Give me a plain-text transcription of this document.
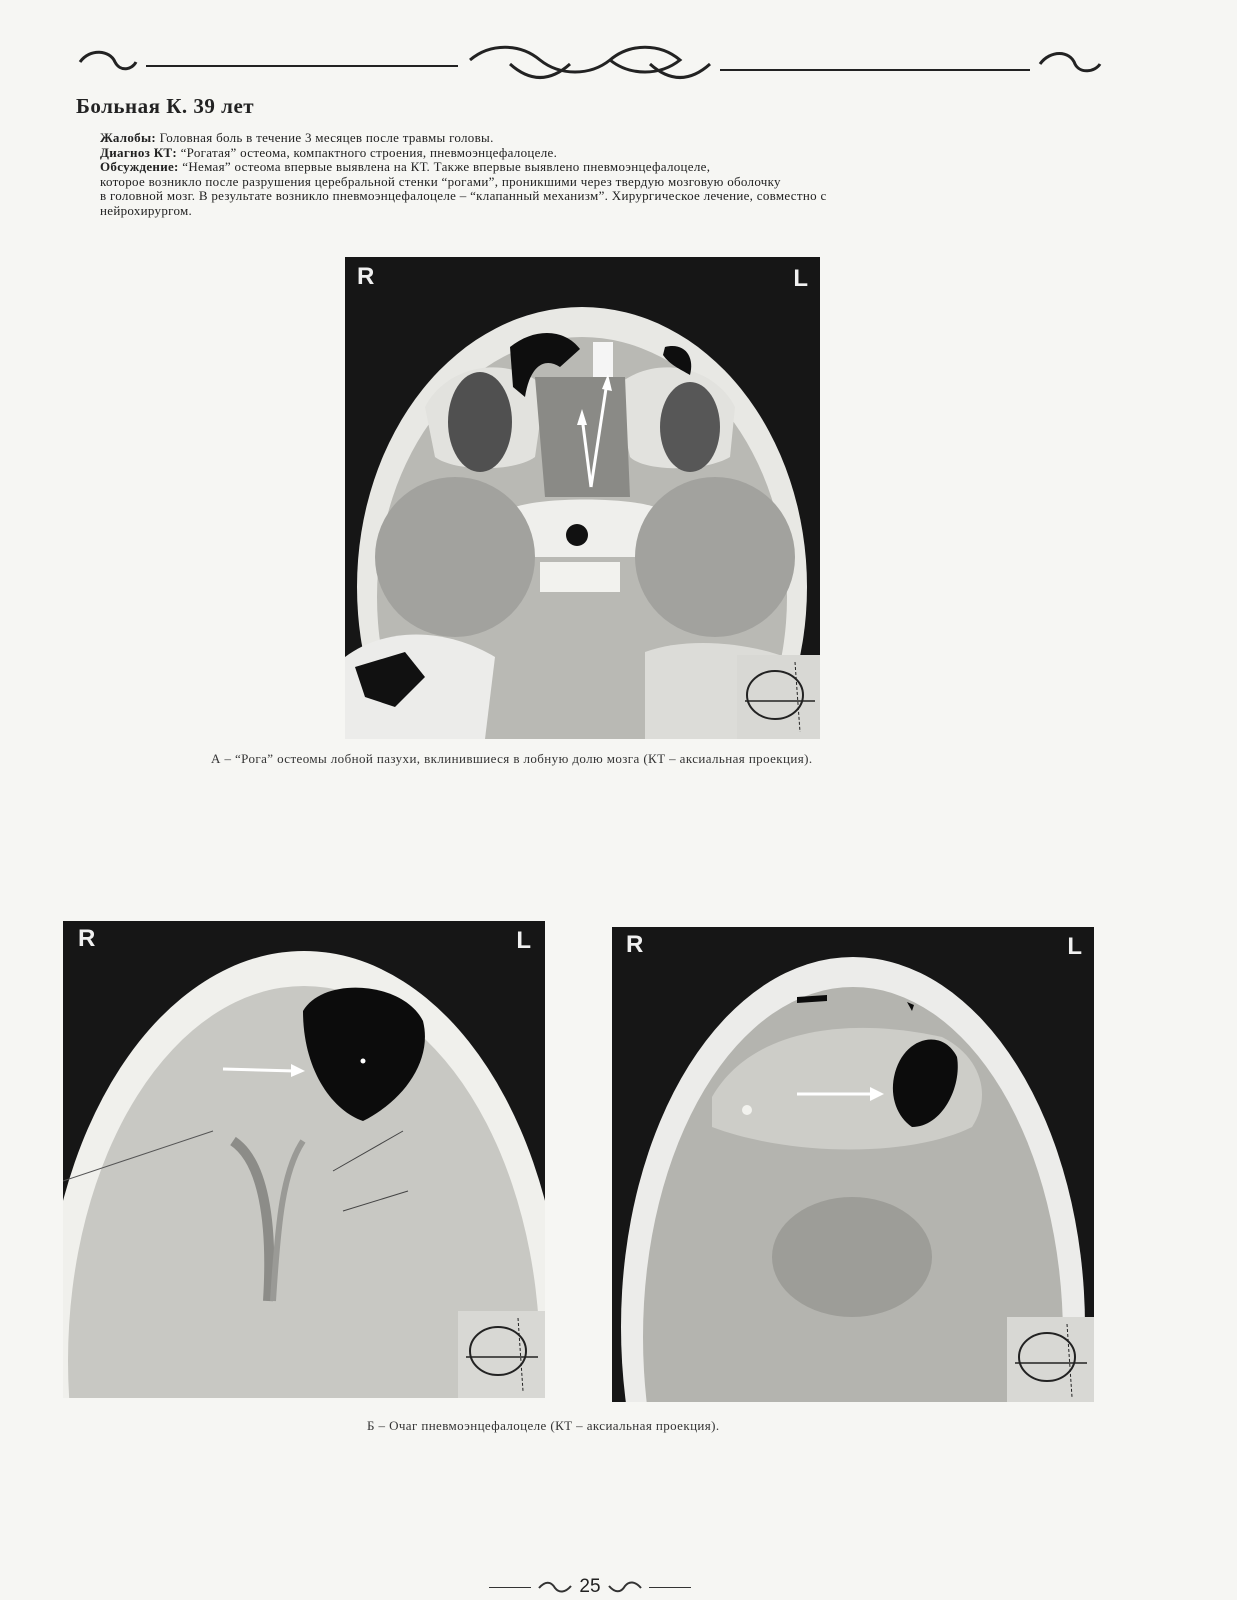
Больная К. 39 лет

Жалобы: Головная боль в течение 3 месяцев после травмы головы.

Диагноз КТ: “Рогатая” остеома, компактного строения, пневмоэнцефалоцеле.

Обсуждение: “Немая” остеома впервые выявлена на КТ. Также впервые выявлено пневмоэнцефалоцеле,

которое возникло после разрушения церебральной стенки “рогами”, проникшими через твердую мозговую оболочку

в головной мозг. В результате возникло пневмоэнцефалоцеле – “клапанный механизм”. Хирургическое лечение, совместно с

нейрохирургом.

R	L
А – “Рога” остеомы лобной пазухи, вклинившиеся в лобную долю мозга (КТ – аксиальная проекция).
R	L	R	L
Б – Очаг пневмоэнцефалоцеле (КТ – аксиальная проекция).
25
